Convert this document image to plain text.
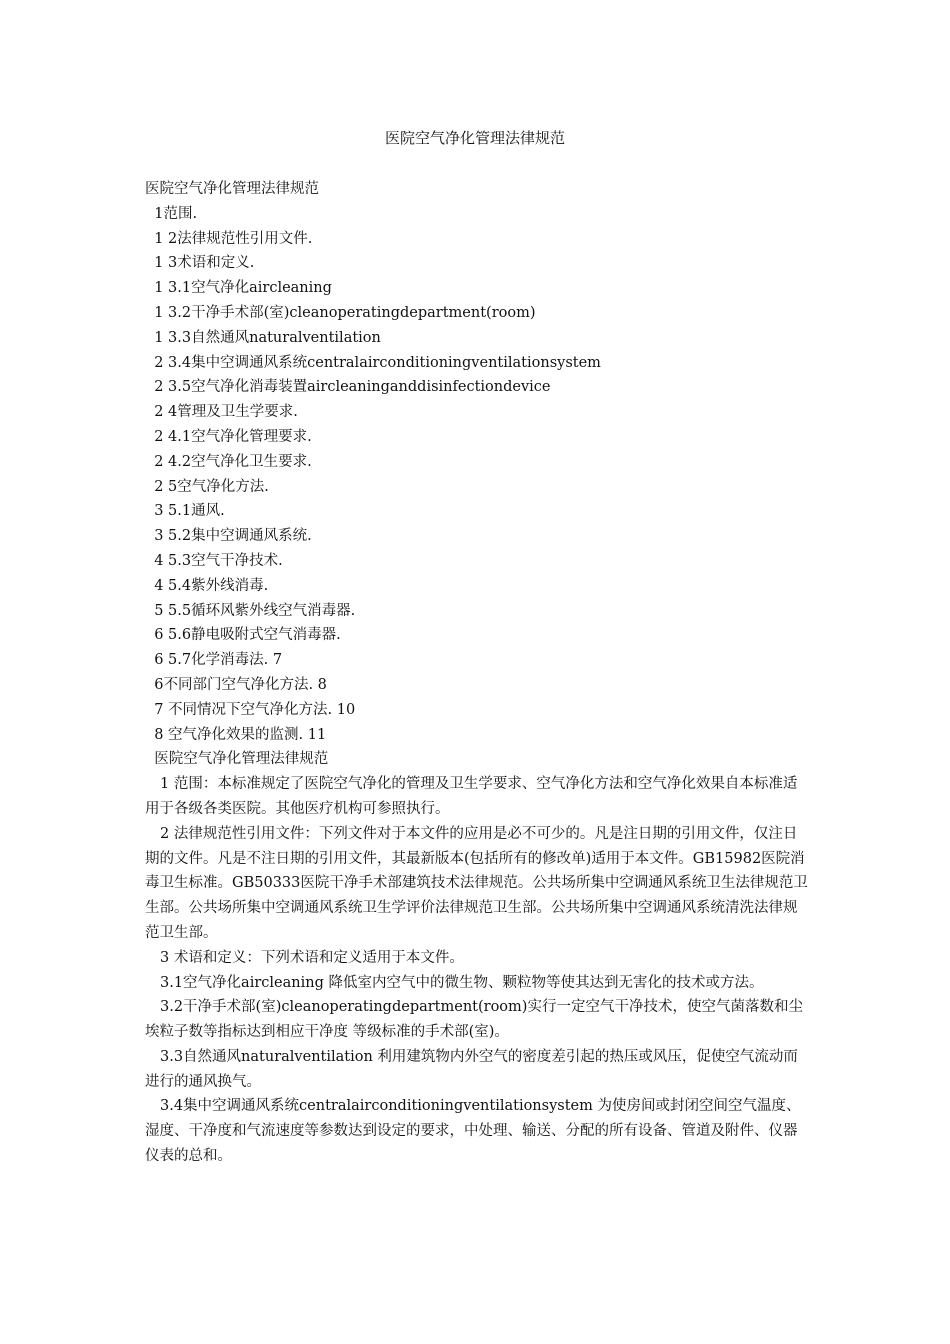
医院空气净化管理法律规范
医院空气净化管理法律规范
1范围.
1 2法律规范性引用文件.
1 3术语和定义.
1 3.1空气净化aircleaning
1 3.2干净手术部(室)cleanoperatingdepartment(room)
1 3.3自然通风naturalventilation
2 3.4集中空调通风系统centralairconditioningventilationsystem
2 3.5空气净化消毒装置aircleaninganddisinfectiondevice
2 4管理及卫生学要求.
2 4.1空气净化管理要求.
2 4.2空气净化卫生要求.
2 5空气净化方法.
3 5.1通风.
3 5.2集中空调通风系统.
4 5.3空气干净技术.
4 5.4紫外线消毒.
5 5.5循环风紫外线空气消毒器.
6 5.6静电吸附式空气消毒器.
6 5.7化学消毒法. 7
6不同部门空气净化方法. 8
7 不同情况下空气净化方法. 10
8 空气净化效果的监测. 11
医院空气净化管理法律规范

1 范围：本标准规定了医院空气净化的管理及卫生学要求、空气净化方法和空气净化效果自本标准适用于各级各类医院。其他医疗机构可参照执行。

2 法律规范性引用文件：下列文件对于本文件的应用是必不可少的。凡是注日期的引用文件，仅注日期的文件。凡是不注日期的引用文件，其最新版本(包括所有的修改单)适用于本文件。GB15982医院消毒卫生标准。GB50333医院干净手术部建筑技术法律规范。公共场所集中空调通风系统卫生法律规范卫生部。公共场所集中空调通风系统卫生学评价法律规范卫生部。公共场所集中空调通风系统清洗法律规范卫生部。

3 术语和定义：下列术语和定义适用于本文件。

3.1空气净化aircleaning 降低室内空气中的微生物、颗粒物等使其达到无害化的技术或方法。

3.2干净手术部(室)cleanoperatingdepartment(room)实行一定空气干净技术，使空气菌落数和尘埃粒子数等指标达到相应干净度 等级标准的手术部(室)。

3.3自然通风naturalventilation 利用建筑物内外空气的密度差引起的热压或风压，促使空气流动而进行的通风换气。

3.4集中空调通风系统centralairconditioningventilationsystem 为使房间或封闭空间空气温度、湿度、干净度和气流速度等参数达到设定的要求，中处理、输送、分配的所有设备、管道及附件、仪器仪表的总和。
